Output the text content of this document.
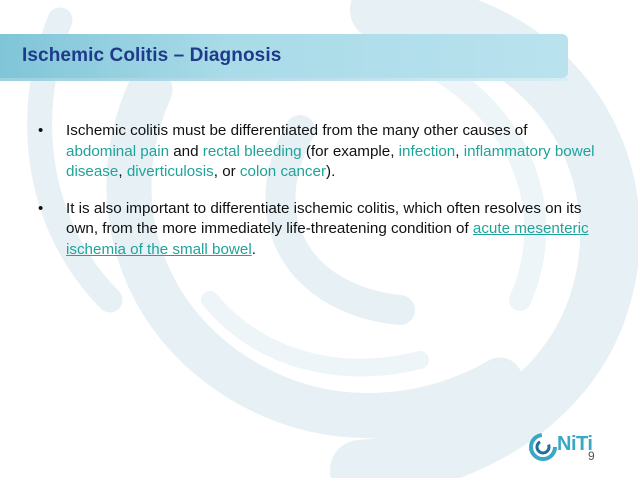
Ischemic Colitis – Diagnosis
• Ischemic colitis must be differentiated from the many other causes of abdominal pain and rectal bleeding (for example, infection, inflammatory bowel disease, diverticulosis, or colon cancer).
• It is also important to differentiate ischemic colitis, which often resolves on its own, from the more immediately life-threatening condition of acute mesenteric ischemia of the small bowel.
NiTi
9
